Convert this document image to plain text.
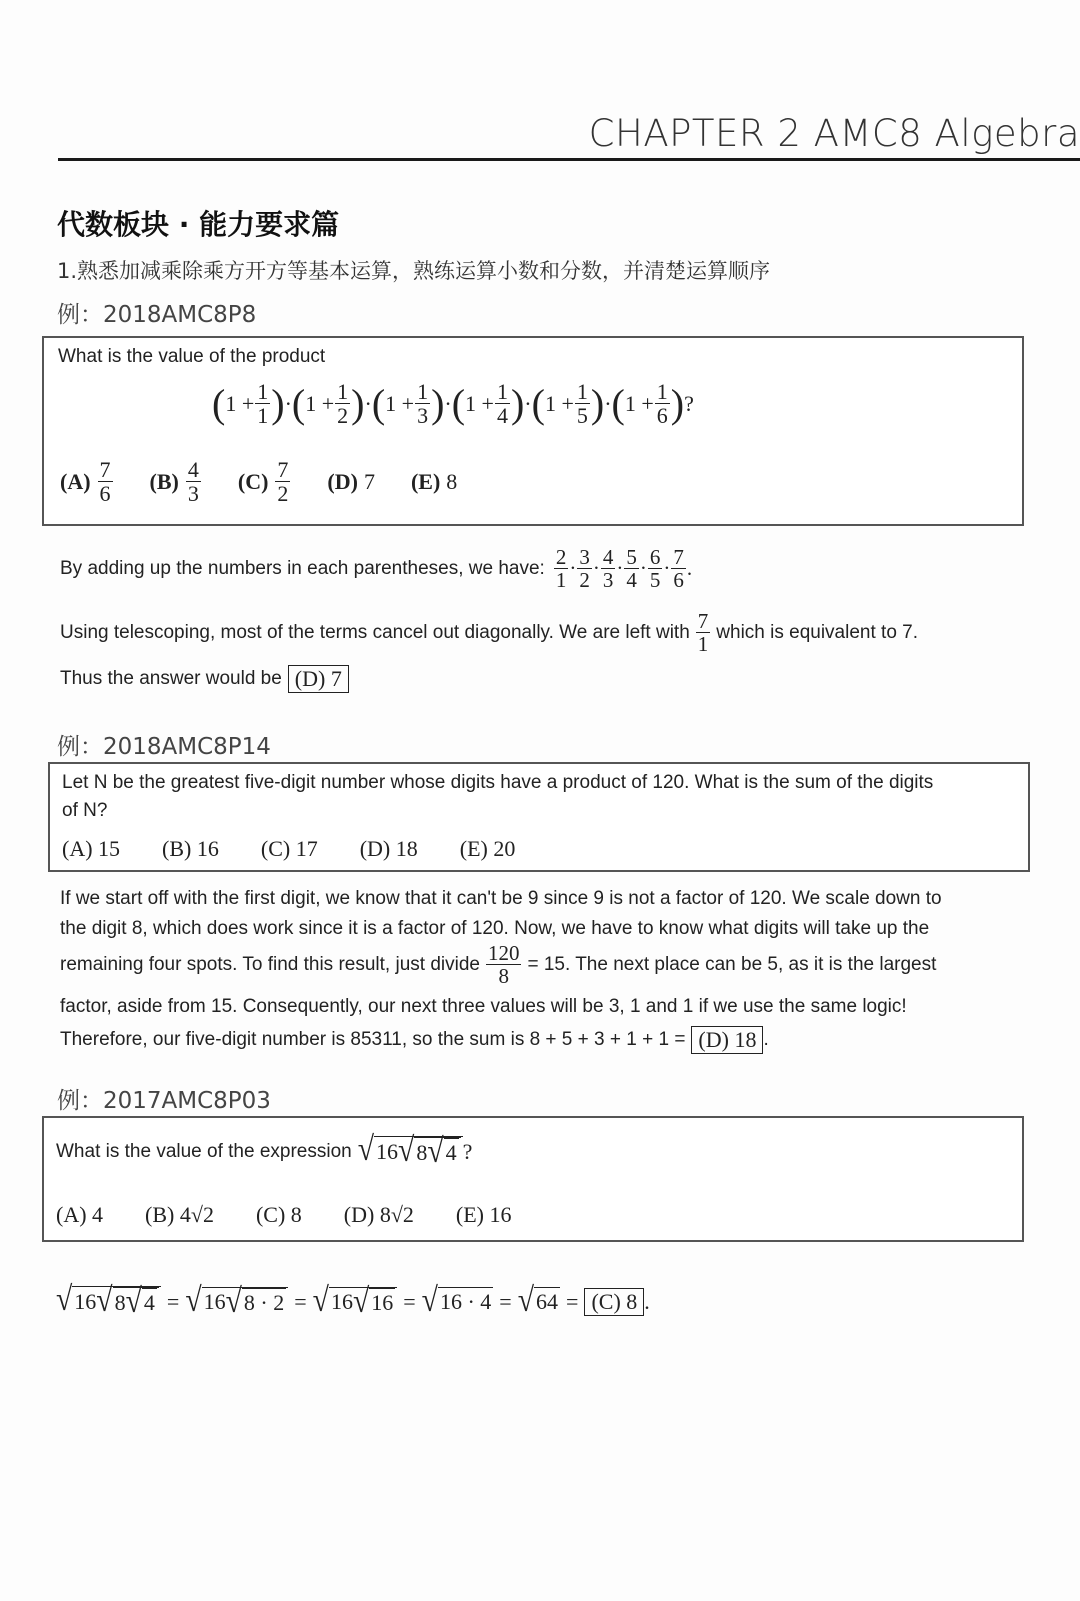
CHAPTER 2 AMC8 Algebra
代数板块 · 能力要求篇
1.熟悉加减乘除乘方开方等基本运算，熟练运算小数和分数，并清楚运算顺序
例：2018AMC8P8
What is the value of the product
( $1 + \frac{1}{1}$ ) · ( $1 + \frac{1}{2}$ ) · ( $1 + \frac{1}{3}$ ) · ( $1 + \frac{1}{4}$ ) · ( $1 + \frac{1}{5}$ ) · ( $1 + \frac{1}{6}$ ) ?
$(A) \frac{7}{6} (B) \frac{4}{3} (C) \frac{7}{2} (D)$ 7 (E) 8
By adding up the numbers in each parentheses, we have: $\frac{2}{1} \cdot \frac{3}{2} \cdot \frac{4}{3} \cdot \frac{5}{4} \cdot \frac{6}{5} \cdot \frac{7}{6}$ .
Using telescoping, most of the terms cancel out diagonally. We are left with $\frac{7}{1}$ which is equivalent to 7.
Thus the answer would be (D) 7
例：2018AMC8P14
Let N be the greatest five-digit number whose digits have a product of 120. What is the sum of the digits
of N?
(A) 15 (B) 16 (C) 17 (D) 18 (E) 20
If we start off with the first digit, we know that it can't be 9 since 9 is not a factor of 120. We scale down to
the digit 8, which does work since it is a factor of 120. Now, we have to know what digits will take up the
remaining four spots. To find this result, just divide $\frac{120}{8} = 15$. The next place can be 5, as it is the largest
factor, aside from 15. Consequently, our next three values will be 3, 1 and 1 if we use the same logic!
Therefore, our five-digit number is 85311, so the sum is 8 + 5 + 3 + 1 + 1 = (D) 18 .
例：2017AMC8P03
What is the value of the expression √ 16 √ 8 √ 4 ?
(A) 4 (B) 4√2 (C) 8 (D) 8√2 (E) 16
√ 16 √ 8 √ 4 = √ 16 √ 8 · 2 = √ 16 √ 16 = √ 16 · 4 = √ 64 = (C) 8 .
